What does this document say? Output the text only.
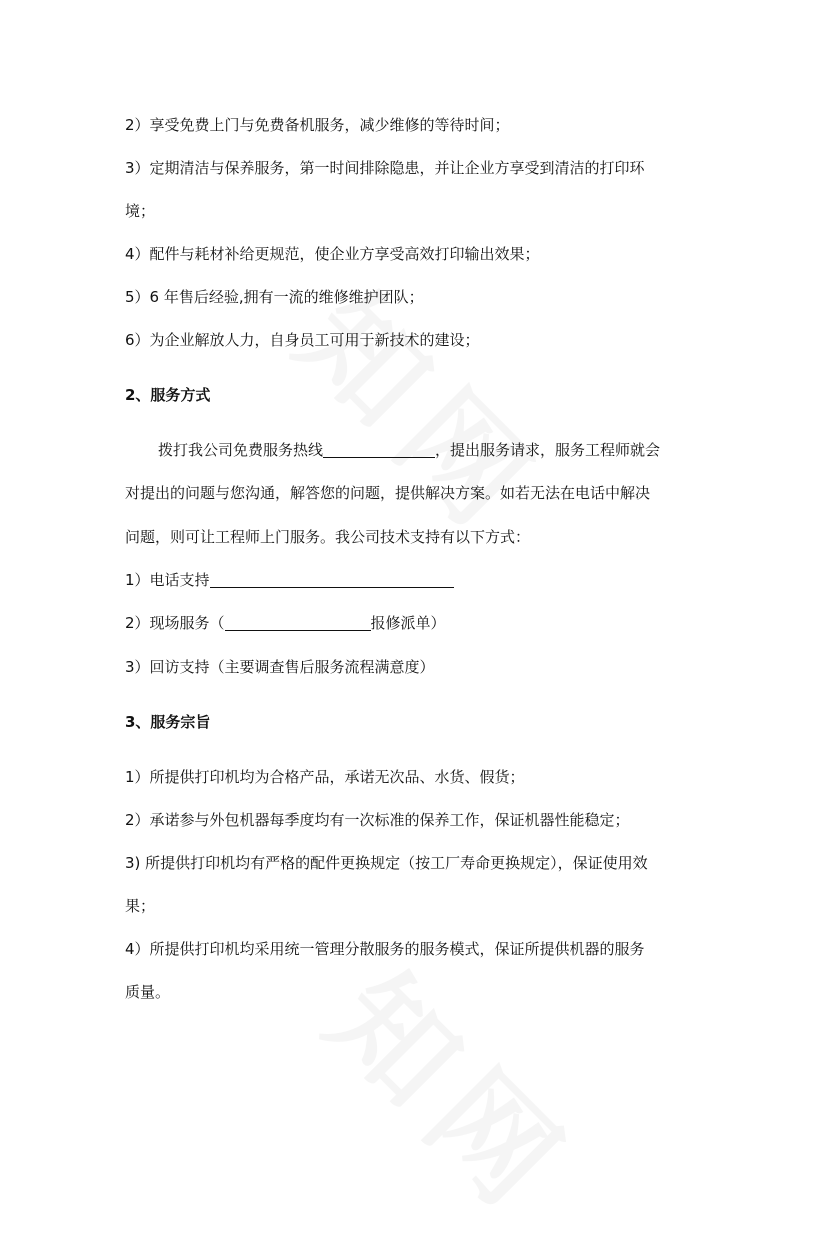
2）享受免费上门与免费备机服务，减少维修的等待时间；
3）定期清洁与保养服务，第一时间排除隐患，并让企业方享受到清洁的打印环
境；
4）配件与耗材补给更规范，使企业方享受高效打印输出效果；
5）6 年售后经验,拥有一流的维修维护团队；
6）为企业解放人力，自身员工可用于新技术的建设；
2、服务方式
拨打我公司免费服务热线	，提出服务请求，服务工程师就会
对提出的问题与您沟通，解答您的问题，提供解决方案。如若无法在电话中解决
问题，则可让工程师上门服务。我公司技术支持有以下方式：
1）电话支持
2）现场服务（	报修派单）
3）回访支持（主要调查售后服务流程满意度）
3、服务宗旨
1）所提供打印机均为合格产品，承诺无次品、水货、假货；
2）承诺参与外包机器每季度均有一次标准的保养工作，保证机器性能稳定；
3) 所提供打印机均有严格的配件更换规定（按工厂寿命更换规定），保证使用效
果；
4）所提供打印机均采用统一管理分散服务的服务模式，保证所提供机器的服务
质量。
